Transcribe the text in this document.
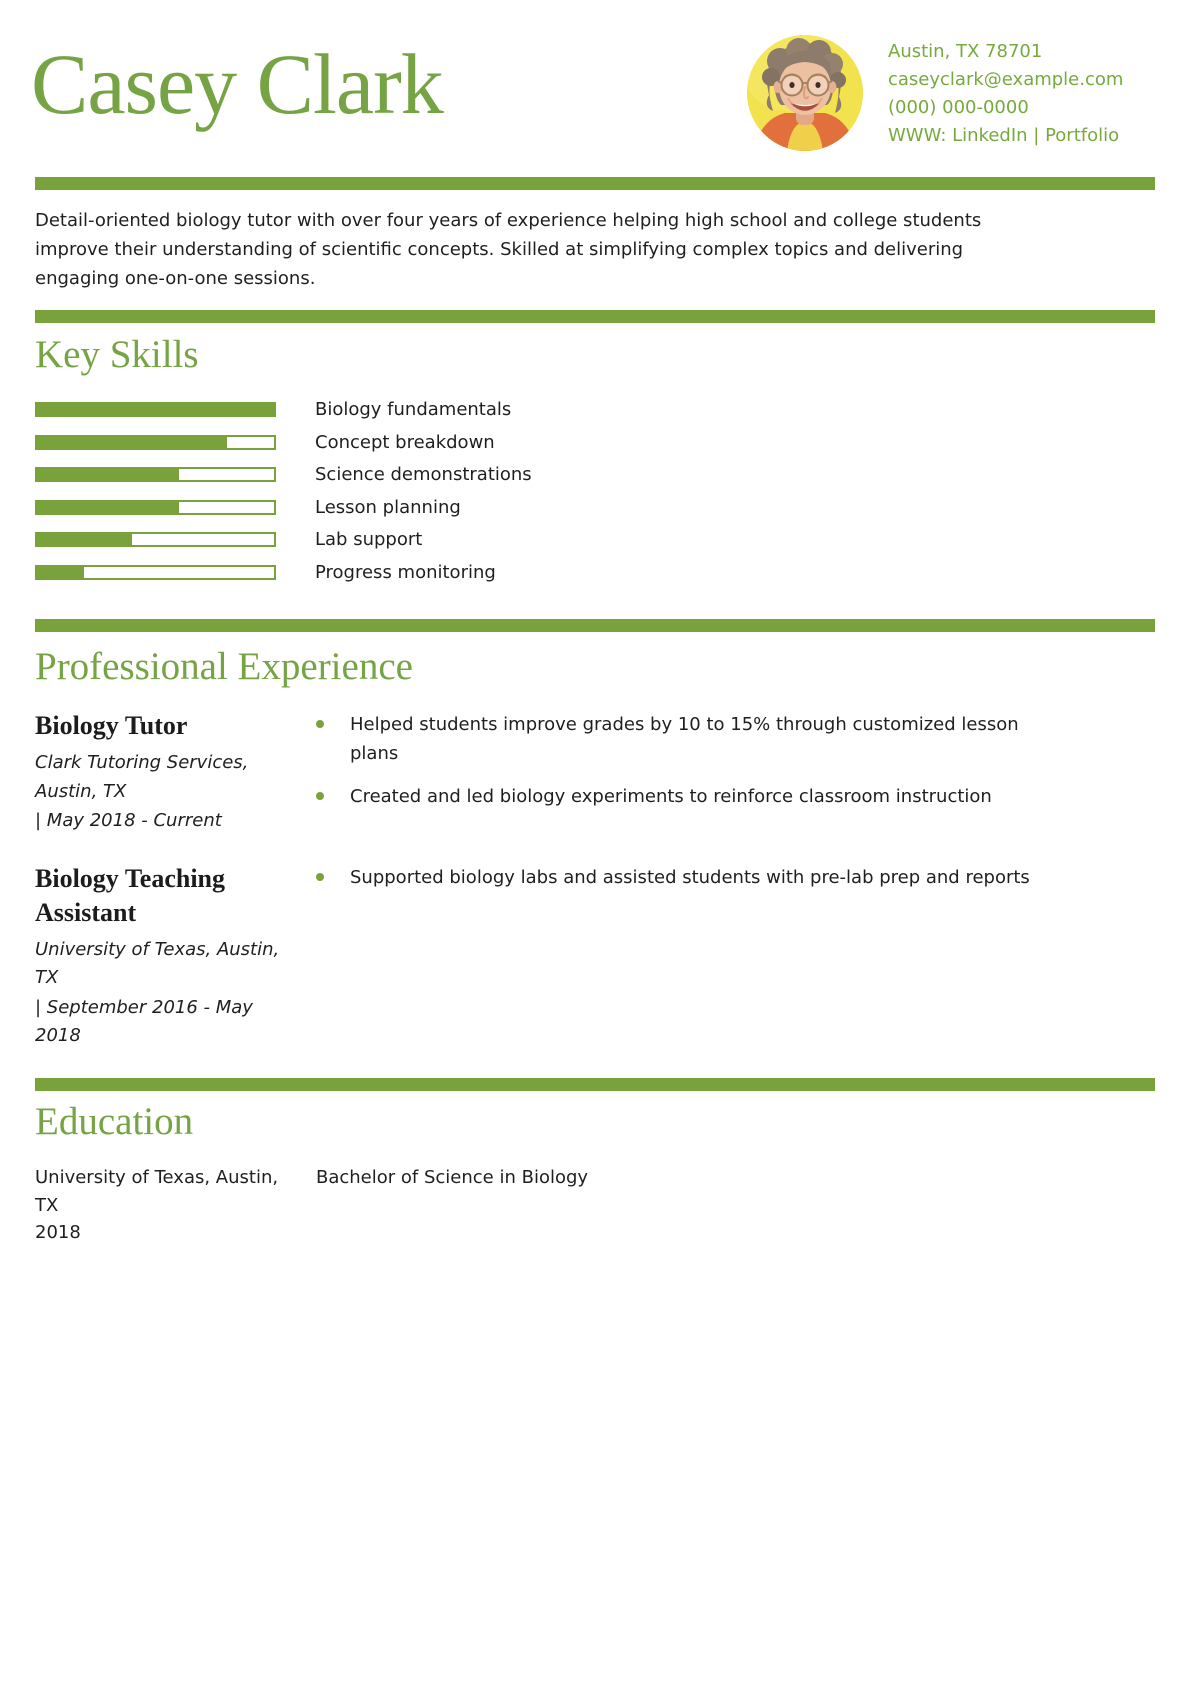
Casey Clark	Austin, TX 78701
caseyclark@example.com
(000) 000-0000
WWW: LinkedIn | Portfolio

Detail-oriented biology tutor with over four years of experience helping high school and college students improve their understanding of scientific concepts. Skilled at simplifying complex topics and delivering engaging one-on-one sessions.

Key Skills
Biology fundamentals
Concept breakdown
Science demonstrations
Lesson planning
Lab support
Progress monitoring
Professional Experience
Biology Tutor
Clark Tutoring Services, Austin, TX
| May 2018 - Current
Helped students improve grades by 10 to 15% through customized lesson plans
Created and led biology experiments to reinforce classroom instruction
Biology Teaching Assistant
University of Texas, Austin, TX
| September 2016 - May 2018
Supported biology labs and assisted students with pre-lab prep and reports
Education
University of Texas, Austin, TX
2018
Bachelor of Science in Biology
